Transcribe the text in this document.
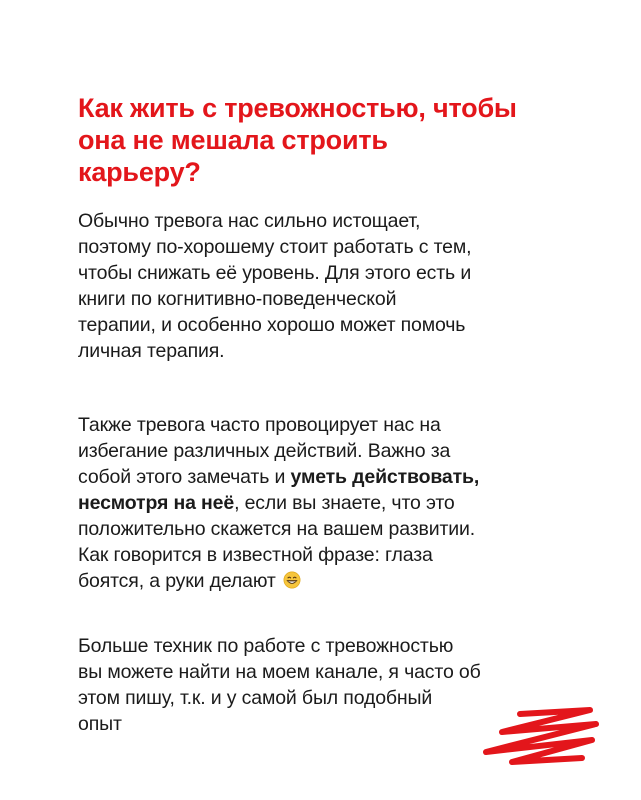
Как жить с тревожностью, чтобы
она не мешала строить
карьеру?

Обычно тревога нас сильно истощает,
поэтому по-хорошему стоит работать с тем,
чтобы снижать её уровень. Для этого есть и
книги по когнитивно-поведенческой
терапии, и особенно хорошо может помочь
личная терапия.

Также тревога часто провоцирует нас на
избегание различных действий. Важно за
собой этого замечать и уметь действовать,
несмотря на неё, если вы знаете, что это
положительно скажется на вашем развитии.
Как говорится в известной фразе: глаза
боятся, а руки делают

Больше техник по работе с тревожностью
вы можете найти на моем канале, я часто об
этом пишу, т.к. и у самой был подобный
опыт
